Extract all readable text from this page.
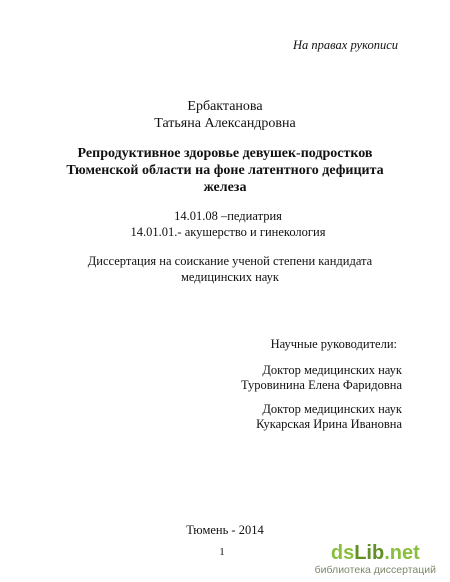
На правах рукописи
Ербактанова
Татьяна Александровна
Репродуктивное здоровье девушек-подростков
Тюменской области на фоне латентного дефицита
железа
14.01.08 –педиатрия
14.01.01.- акушерство и гинекология
Диссертация на соискание ученой степени кандидата
медицинских наук
Научные руководители:
Доктор медицинских наук
Туровинина Елена Фаридовна
Доктор медицинских наук
Кукарская Ирина Ивановна
Тюмень - 2014
1	dsLib.net
библиотека диссертаций
